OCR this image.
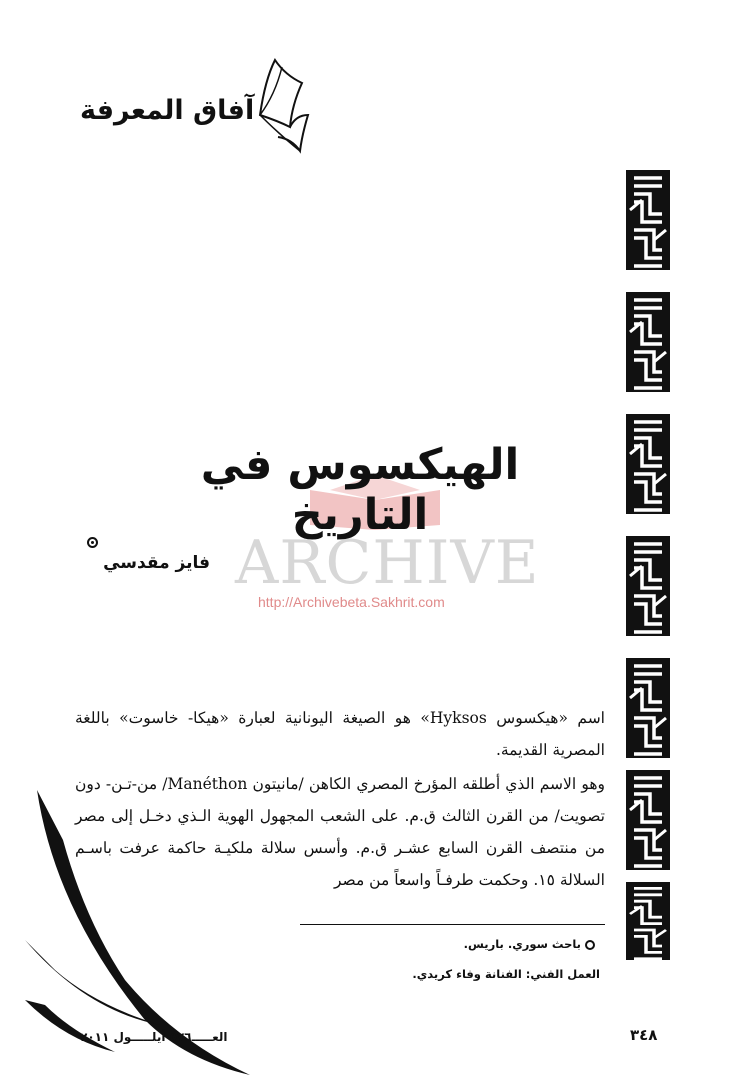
آفاق المعرفة
ARCHIVE
http://Archivebeta.Sakhrit.com
الهيكسوس في التاريخ
فايز مقدسي

اسم «هيكسوس Hyksos» هو الصيغة اليونانية لعبارة «هيكا- خاسوت» باللغة المصرية القديمة.

وهو الاسم الذي أطلقه المؤرخ المصري الكاهن /مانيتون Manéthon/ من-تـن- دون تصويت/ من القرن الثالث ق.م. على الشعب المجهول الهوية الـذي دخـل إلى مصر من منتصف القرن السابع عشـر ق.م. وأسس سلالة ملكيـة حاكمة عرفت باسـم السلالة ١٥. وحكمت طرفـاً واسعاً من مصر

باحث سوري. باريس.
العمل الفني: الفنانة وفاء كريدي.
٣٤٨
العـــــ٥٧٦ أيلـــــول ٢٠١١
